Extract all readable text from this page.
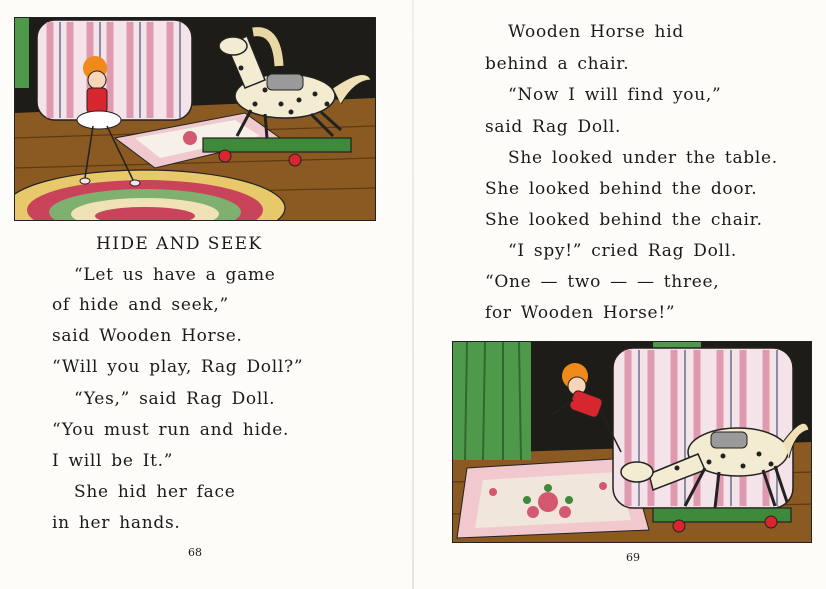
HIDE AND SEEK
“Let us have a game
of hide and seek,”
said Wooden Horse.
“Will you play, Rag Doll?”
“Yes,” said Rag Doll.
“You must run and hide.
I will be It.”
She hid her face
in her hands.
68
Wooden Horse hid
behind a chair.
“Now I will find you,”
said Rag Doll.
She looked under the table.
She looked behind the door.
She looked behind the chair.
“I spy!” cried Rag Doll.
“One — two — — three,
for Wooden Horse!”
69
